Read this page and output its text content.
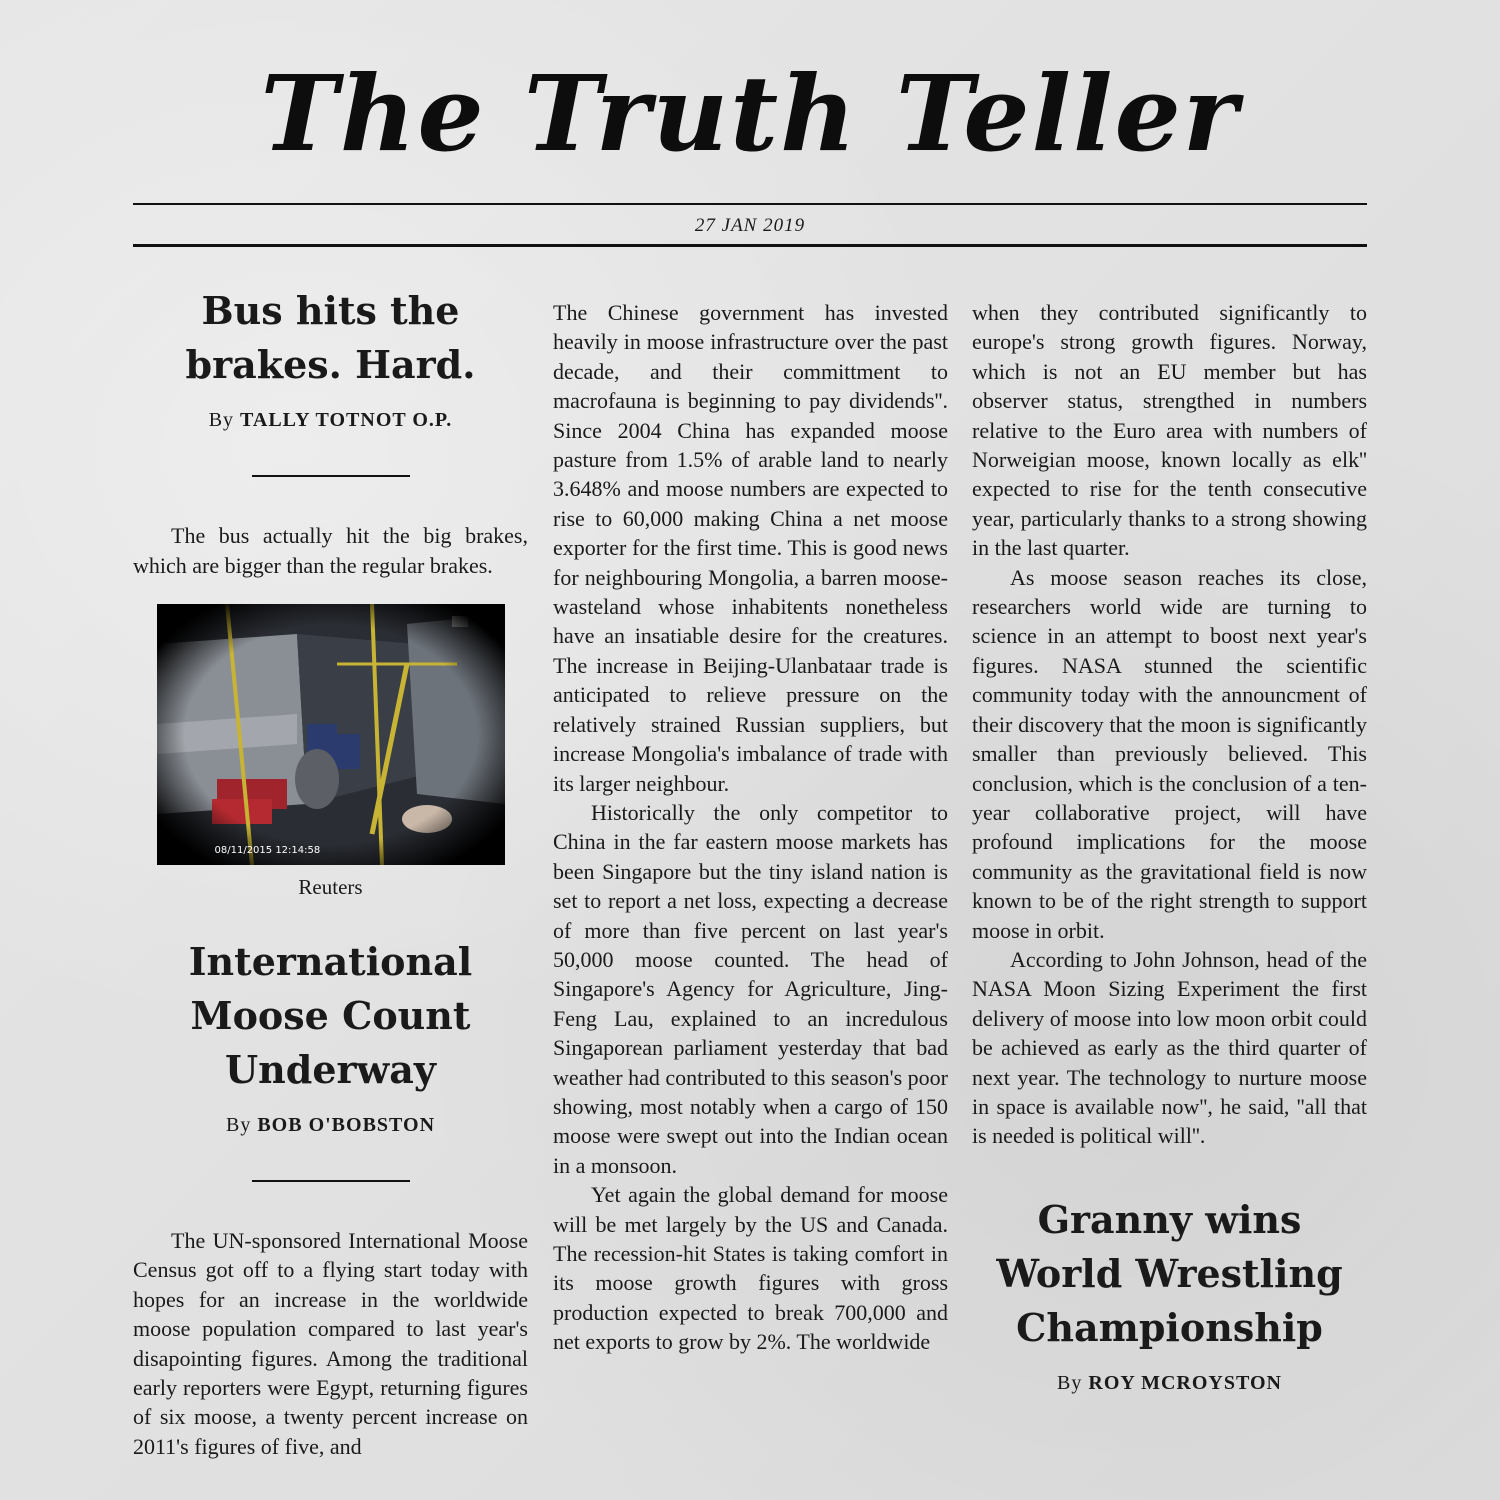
The Truth Teller
27 JAN 2019
Bus hits the brakes. Hard.
By TALLY TOTNOT O.P.

The bus actually hit the big brakes, which are bigger than the regular brakes.

08/11/2015 12:14:58
Reuters
International Moose Count Underway
By BOB O'BOBSTON

The UN-sponsored International Moose Census got off to a flying start today with hopes for an increase in the worldwide moose population compared to last year's disapointing figures. Among the traditional early reporters were Egypt, returning figures of six moose, a twenty percent increase on 2011's figures of five, and

The Chinese government has invested heavily in moose infrastructure over the past decade, and their committment to macrofauna is beginning to pay dividends''. Since 2004 China has expanded moose pasture from 1.5% of arable land to nearly 3.648% and moose numbers are expected to rise to 60,000 making China a net moose exporter for the first time. This is good news for neighbouring Mongolia, a barren moose-wasteland whose inhabitents nonetheless have an insatiable desire for the creatures. The increase in Beijing-Ulanbataar trade is anticipated to relieve pressure on the relatively strained Russian suppliers, but increase Mongolia's imbalance of trade with its larger neighbour.

Historically the only competitor to China in the far eastern moose markets has been Singapore but the tiny island nation is set to report a net loss, expecting a decrease of more than five percent on last year's 50,000 moose counted. The head of Singapore's Agency for Agriculture, Jing-Feng Lau, explained to an incredulous Singaporean parliament yesterday that bad weather had contributed to this season's poor showing, most notably when a cargo of 150 moose were swept out into the Indian ocean in a monsoon.

Yet again the global demand for moose will be met largely by the US and Canada. The recession-hit States is taking comfort in its moose growth figures with gross production expected to break 700,000 and net exports to grow by 2%. The worldwide

when they contributed significantly to europe's strong growth figures. Norway, which is not an EU member but has observer status, strengthed in numbers relative to the Euro area with numbers of Norweigian moose, known locally as elk'' expected to rise for the tenth consecutive year, particularly thanks to a strong showing in the last quarter.

As moose season reaches its close, researchers world wide are turning to science in an attempt to boost next year's figures. NASA stunned the scientific community today with the announcment of their discovery that the moon is significantly smaller than previously believed. This conclusion, which is the conclusion of a ten-year collaborative project, will have profound implications for the moose community as the gravitational field is now known to be of the right strength to support moose in orbit.

According to John Johnson, head of the NASA Moon Sizing Experiment the first delivery of moose into low moon orbit could be achieved as early as the third quarter of next year. The technology to nurture moose in space is available now'', he said, ''all that is needed is political will''.

Granny wins World Wrestling Championship
By ROY MCROYSTON
